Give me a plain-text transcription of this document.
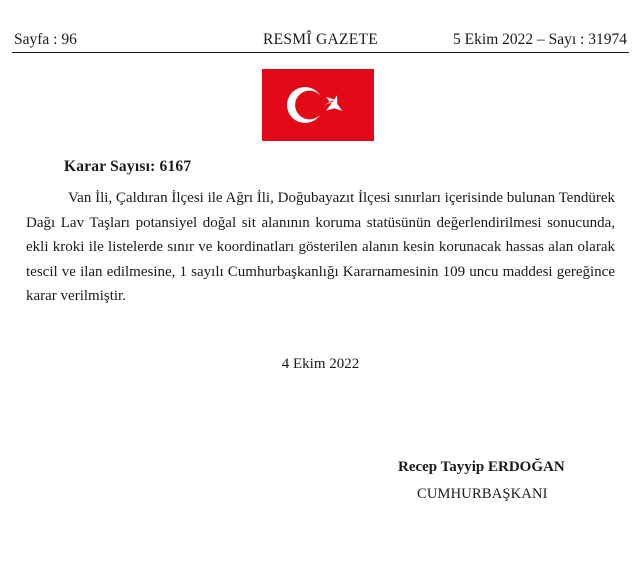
Sayfa : 96	RESMÎ GAZETE	5 Ekim 2022 – Sayı : 31974
Karar Sayısı: 6167

Van İli, Çaldıran İlçesi ile Ağrı İli, Doğubayazıt İlçesi sınırları içerisinde bulunan Tendürek Dağı Lav Taşları potansiyel doğal sit alanının koruma statüsünün değerlendirilmesi sonucunda, ekli kroki ile listelerde sınır ve koordinatları gösterilen alanın kesin korunacak hassas alan olarak tescil ve ilan edilmesine, 1 sayılı Cumhurbaşkanlığı Kararnamesinin 109 uncu maddesi gereğince karar verilmiştir.

4 Ekim 2022
Recep Tayyip ERDOĞAN
CUMHURBAŞKANI
